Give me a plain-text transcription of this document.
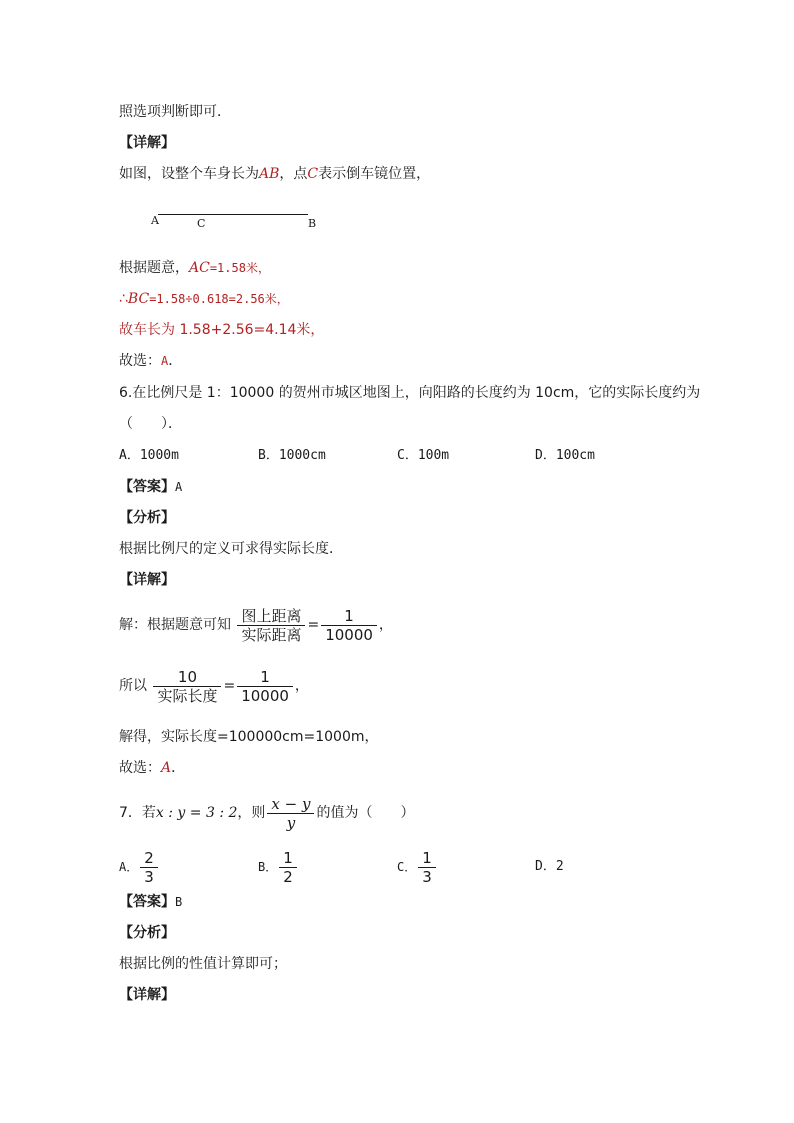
照选项判断即可．
【详解】
如图，设整个车身长为AB，点C表示倒车镜位置，
A	C	B
根据题意，AC=1.58米，
∴BC=1.58÷0.618=2.56米，
故车长为 1.58+2.56=4.14米，
故选：A．
6.在比例尺是 1：10000 的贺州市城区地图上，向阳路的长度约为 10cm，它的实际长度约为
（　　）．
A．1000m	B．1000cm	C．100m	D．100cm
【答案】A
【分析】
根据比例尺的定义可求得实际长度．
【详解】
解：根据题意可知 $\frac{\text{图上距离}}{\text{实际距离}} = \frac{1}{10000}$ ，
所以 $\frac{10}{\text{实际长度}} = \frac{1}{10000}$ ，
解得，实际长度=100000cm=1000m，
故选：A．
7．若x : y = 3 : 2，则 $\frac{x - y}{y}$ 的值为（　　）
A． $\frac{2}{3}$	B． $\frac{1}{2}$	C． $\frac{1}{3}$	D．2
【答案】B
【分析】
根据比例的性值计算即可；
【详解】
